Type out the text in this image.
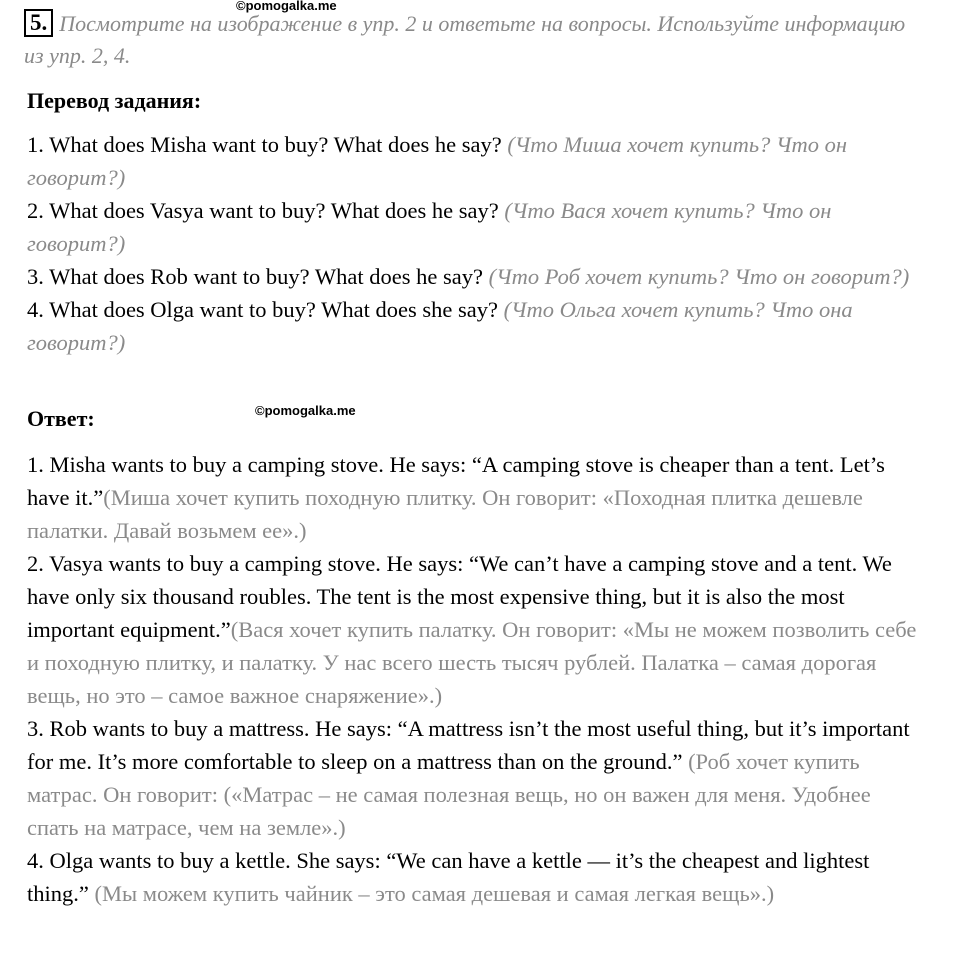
©pomogalka.me
5. Посмотрите на изображение в упр. 2 и ответьте на вопросы. Используйте информацию из упр. 2, 4.
Перевод задания:

1. What does Misha want to buy? What does he say? (Что Миша хочет купить? Что он говорит?)

2. What does Vasya want to buy? What does he say? (Что Вася хочет купить? Что он говорит?)

3. What does Rob want to buy? What does he say? (Что Роб хочет купить? Что он говорит?)

4. What does Olga want to buy? What does she say? (Что Ольга хочет купить? Что она говорит?)

Ответ:	©pomogalka.me

1. Misha wants to buy a camping stove. He says: “A camping stove is cheaper than a tent. Let’s have it.”(Миша хочет купить походную плитку. Он говорит: «Походная плитка дешевле палатки. Давай возьмем ее».)

2. Vasya wants to buy a camping stove. He says: “We can’t have a camping stove and a tent. We have only six thousand roubles. The tent is the most expensive thing, but it is also the most important equipment.”(Вася хочет купить палатку. Он говорит: «Мы не можем позволить себе и походную плитку, и палатку. У нас всего шесть тысяч рублей. Палатка – самая дорогая вещь, но это – самое важное снаряжение».)

3. Rob wants to buy a mattress. He says: “A mattress isn’t the most useful thing, but it’s important for me. It’s more comfortable to sleep on a mattress than on the ground.” (Роб хочет купить матрас. Он говорит: («Матрас – не самая полезная вещь, но он важен для меня. Удобнее спать на матрасе, чем на земле».)

4. Olga wants to buy a kettle. She says: “We can have a kettle — it’s the cheapest and lightest thing.” (Мы можем купить чайник – это самая дешевая и самая легкая вещь».)
